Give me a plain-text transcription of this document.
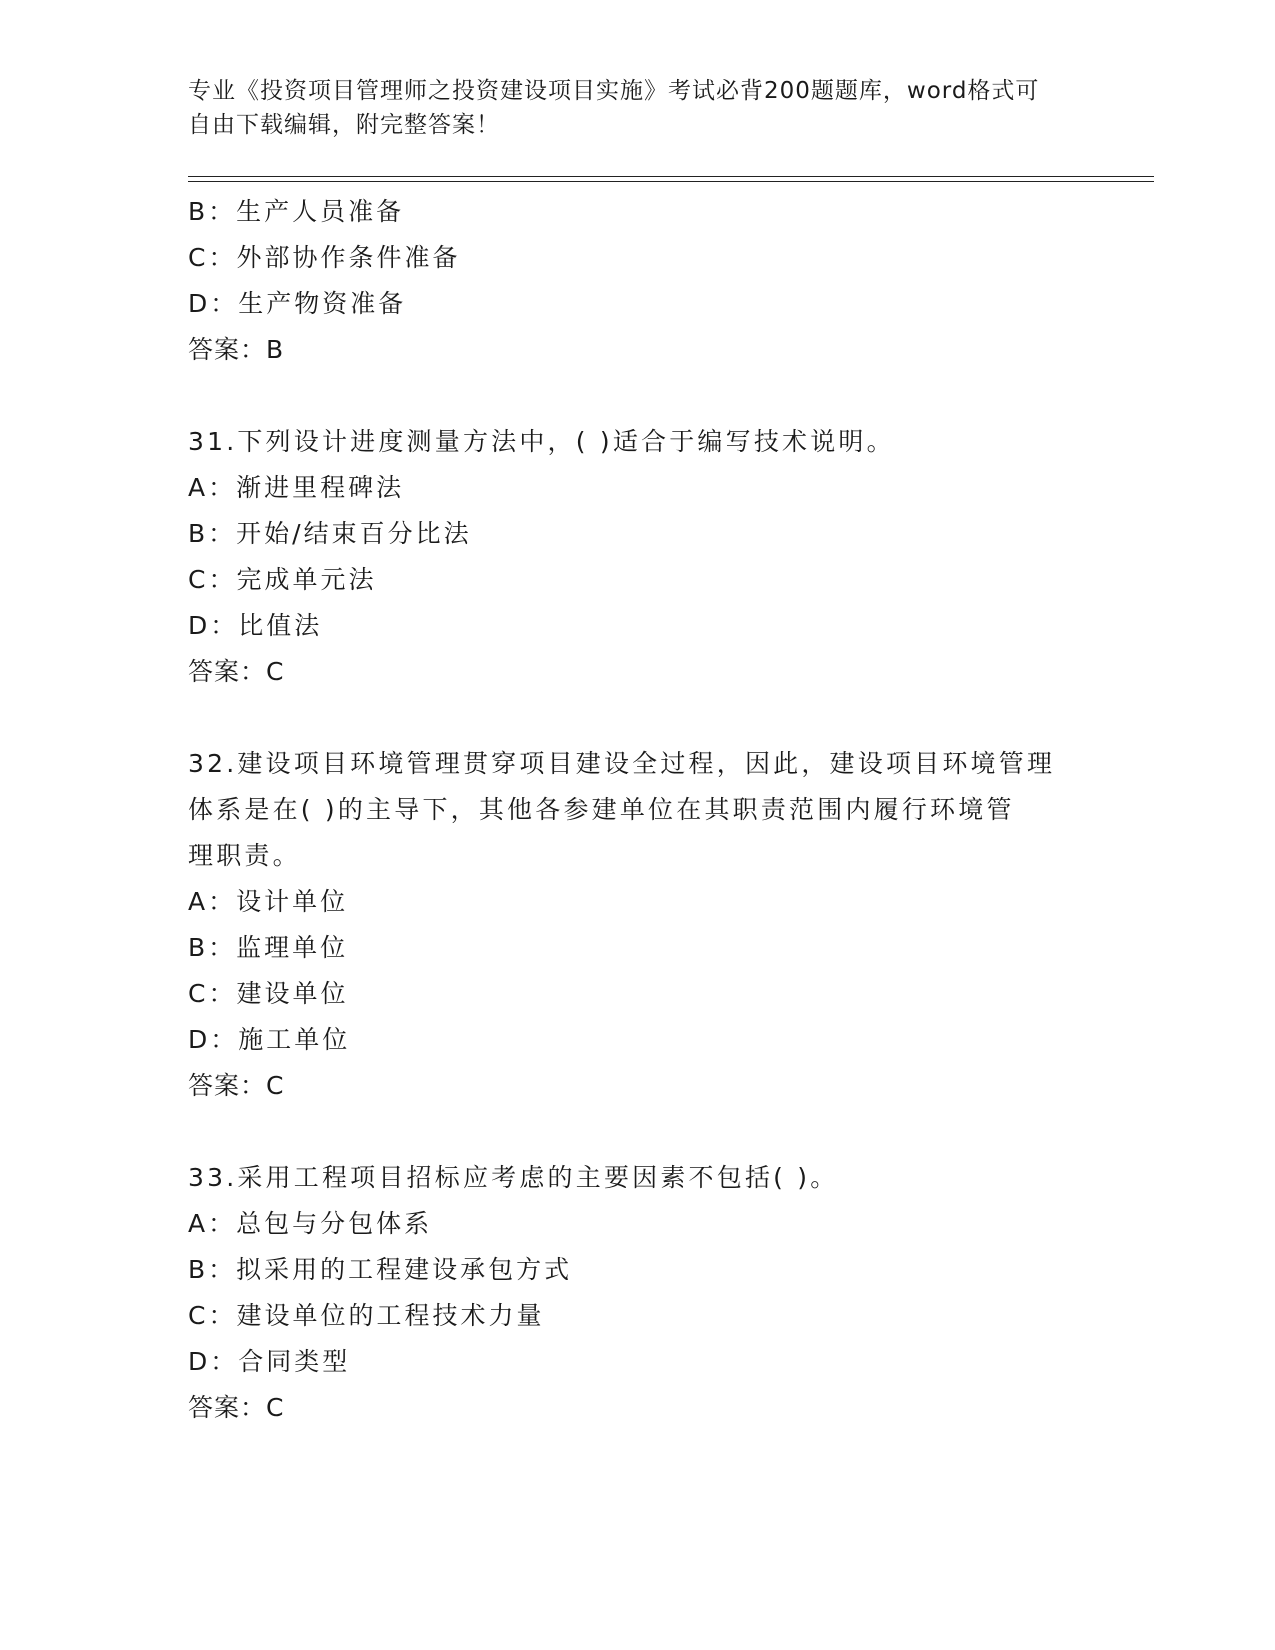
专业《投资项目管理师之投资建设项目实施》考试必背200题题库，word格式可
自由下载编辑，附完整答案！
B：生产人员准备
C：外部协作条件准备
D：生产物资准备
答案：B
31.下列设计进度测量方法中，( )适合于编写技术说明。
A：渐进里程碑法
B：开始/结束百分比法
C：完成单元法
D：比值法
答案：C
32.建设项目环境管理贯穿项目建设全过程，因此，建设项目环境管理
体系是在( )的主导下，其他各参建单位在其职责范围内履行环境管
理职责。
A：设计单位
B：监理单位
C：建设单位
D：施工单位
答案：C
33.采用工程项目招标应考虑的主要因素不包括( )。
A：总包与分包体系
B：拟采用的工程建设承包方式
C：建设单位的工程技术力量
D：合同类型
答案：C
